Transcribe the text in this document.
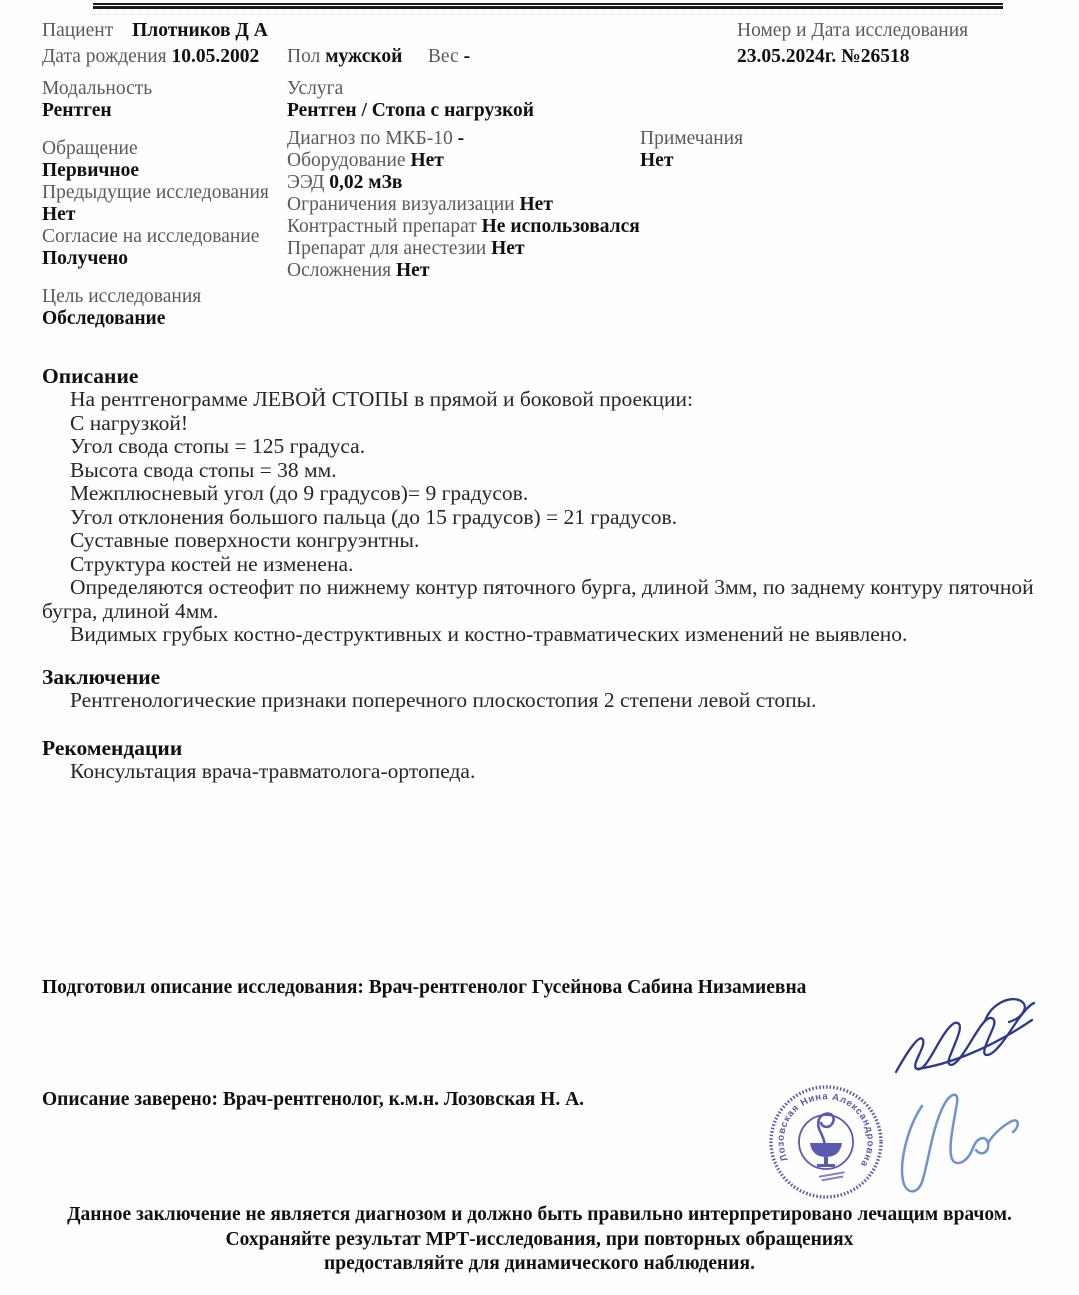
Пациент Плотников Д А
Дата рождения 10.05.2002 Пол мужской Вес -
Номер и Дата исследования
23.05.2024г. №26518
Модальность
Рентген
Услуга
Рентген / Стопа с нагрузкой
Обращение
Первичное
Предыдущие исследования
Нет
Согласие на исследование
Получено
Диагноз по МКБ-10 -
Оборудование Нет
ЭЭД 0,02 мЗв
Ограничения визуализации Нет
Контрастный препарат Не использовался
Препарат для анестезии Нет
Осложнения Нет
Примечания
Нет
Цель исследования
Обследование
Описание

На рентгенограмме ЛЕВОЙ СТОПЫ в прямой и боковой проекции:

С нагрузкой!

Угол свода стопы = 125 градуса.

Высота свода стопы = 38 мм.

Межплюсневый угол (до 9 градусов)= 9 градусов.

Угол отклонения большого пальца (до 15 градусов) = 21 градусов.

Суставные поверхности конгруэнтны.

Структура костей не изменена.

Определяются остеофит по нижнему контур пяточного бурга, длиной 3мм, по заднему контуру пяточной бугра, длиной 4мм.

Видимых грубых костно-деструктивных и костно-травматических изменений не выявлено.

Заключение

Рентгенологические признаки поперечного плоскостопия 2 степени левой стопы.

Рекомендации

Консультация врача-травматолога-ортопеда.

Подготовил описание исследования: Врач-рентгенолог Гусейнова Сабина Низамиевна
Описание заверено: Врач-рентгенолог, к.м.н. Лозовская Н. А.
Лозовская Нина Александровна
Данное заключение не является диагнозом и должно быть правильно интерпретировано лечащим врачом.
Сохраняйте результат МРТ-исследования, при повторных обращениях
предоставляйте для динамического наблюдения.
